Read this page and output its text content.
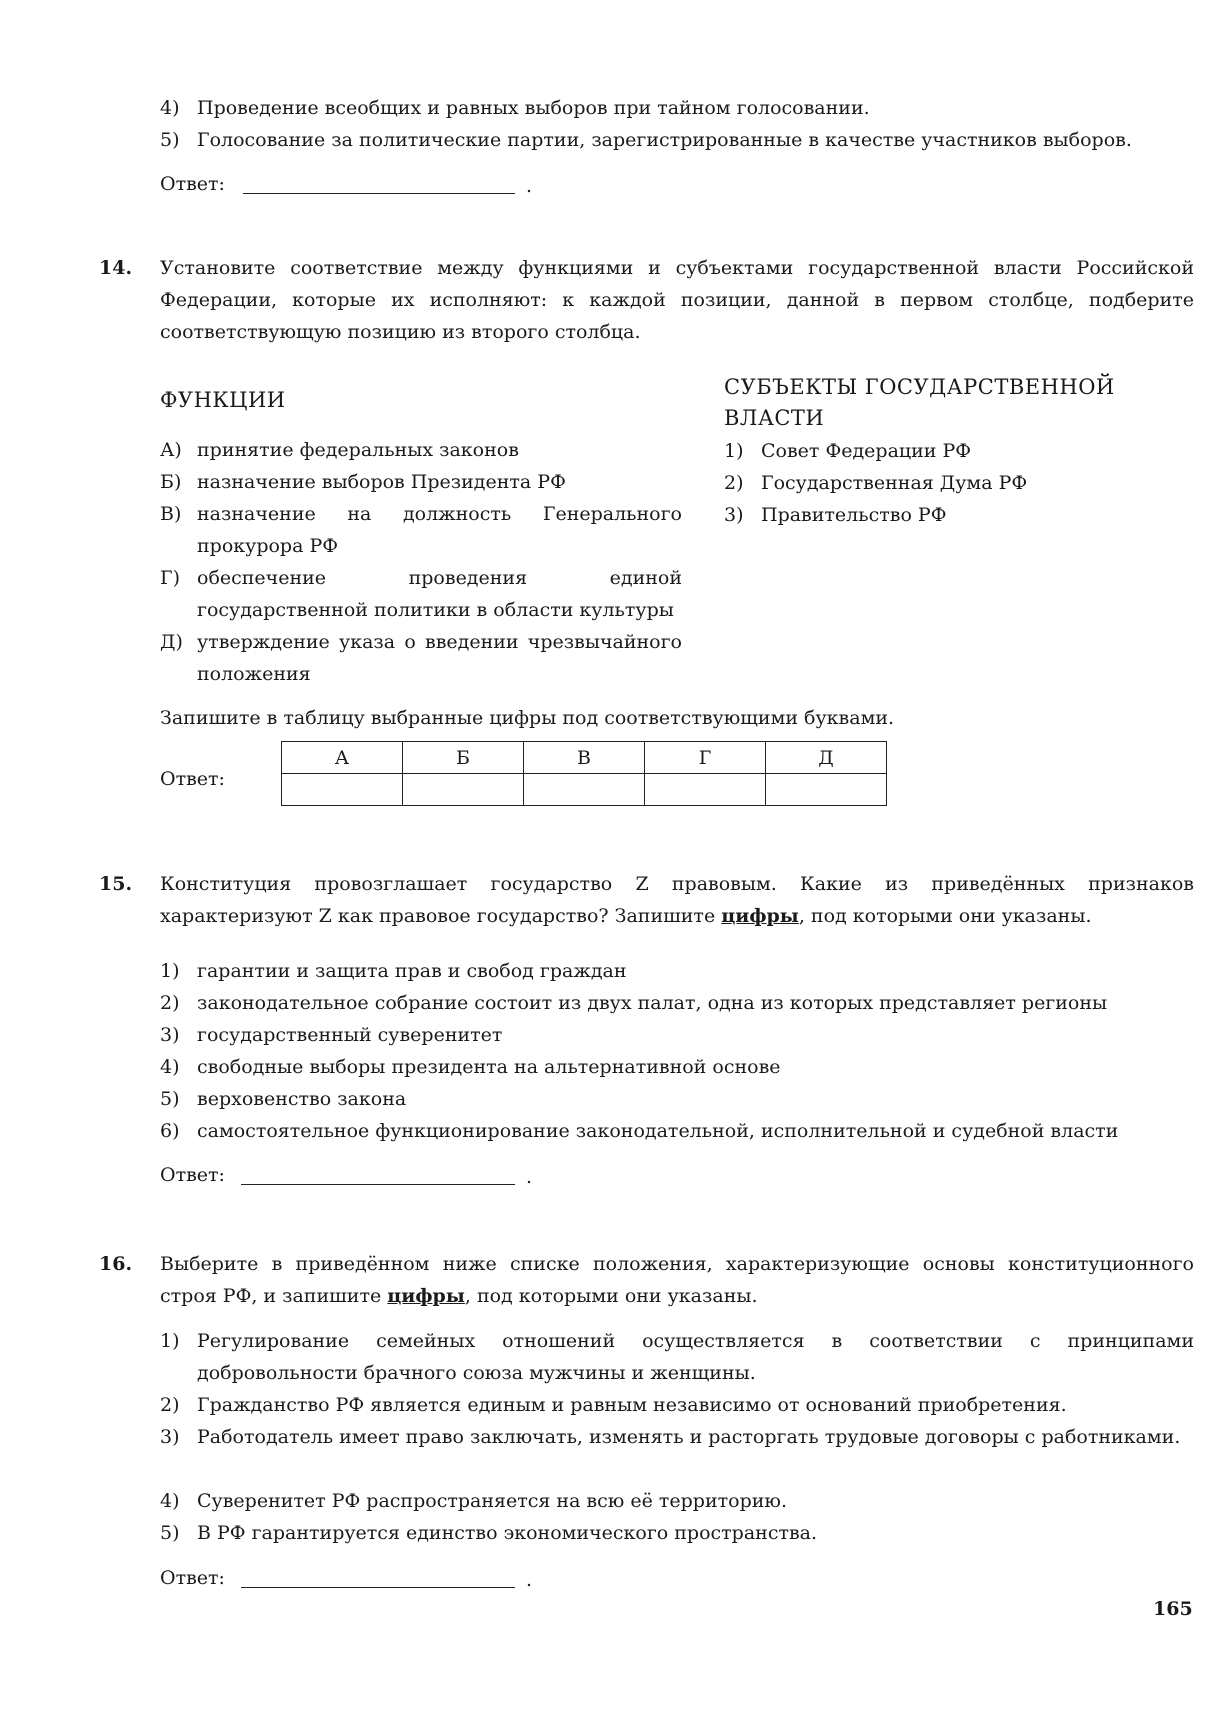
4) Проведение всеобщих и равных выборов при тайном голосовании.
5) Голосование за политические партии, зарегистрированные в качестве участников выборов.
Ответ:	.
14. Установите соответствие между функциями и субъектами государственной власти Российской Федерации, которые их исполняют: к каждой позиции, данной в первом столбце, подберите соответствующую позицию из второго столбца.
ФУНКЦИИ
СУБЪЕКТЫ ГОСУДАРСТВЕННОЙ
ВЛАСТИ
А) принятие федеральных законов
Б) назначение выборов Президента РФ
В) назначение на должность Генерального прокурора РФ
Г) обеспечение проведения единой государственной политики в области культуры
Д) утверждение указа о введении чрезвычайного положения
1) Совет Федерации РФ
2) Государственная Дума РФ
3) Правительство РФ
Запишите в таблицу выбранные цифры под соответствующими буквами.
Ответ:
А	Б	В	Г	Д

15. Конституция провозглашает государство Z правовым. Какие из приведённых признаков характеризуют Z как правовое государство? Запишите цифры, под которыми они указаны.
1) гарантии и защита прав и свобод граждан
2) законодательное собрание состоит из двух палат, одна из которых представляет регионы
3) государственный суверенитет
4) свободные выборы президента на альтернативной основе
5) верховенство закона
6) самостоятельное функционирование законодательной, исполнительной и судебной власти
Ответ:	.
16. Выберите в приведённом ниже списке положения, характеризующие основы конституционного строя РФ, и запишите цифры, под которыми они указаны.
1) Регулирование семейных отношений осуществляется в соответствии с принципами добровольности брачного союза мужчины и женщины.
2) Гражданство РФ является единым и равным независимо от оснований приобретения.
3) Работодатель имеет право заключать, изменять и расторгать трудовые договоры с работниками.
4) Суверенитет РФ распространяется на всю её территорию.
5) В РФ гарантируется единство экономического пространства.
Ответ:	.
165
